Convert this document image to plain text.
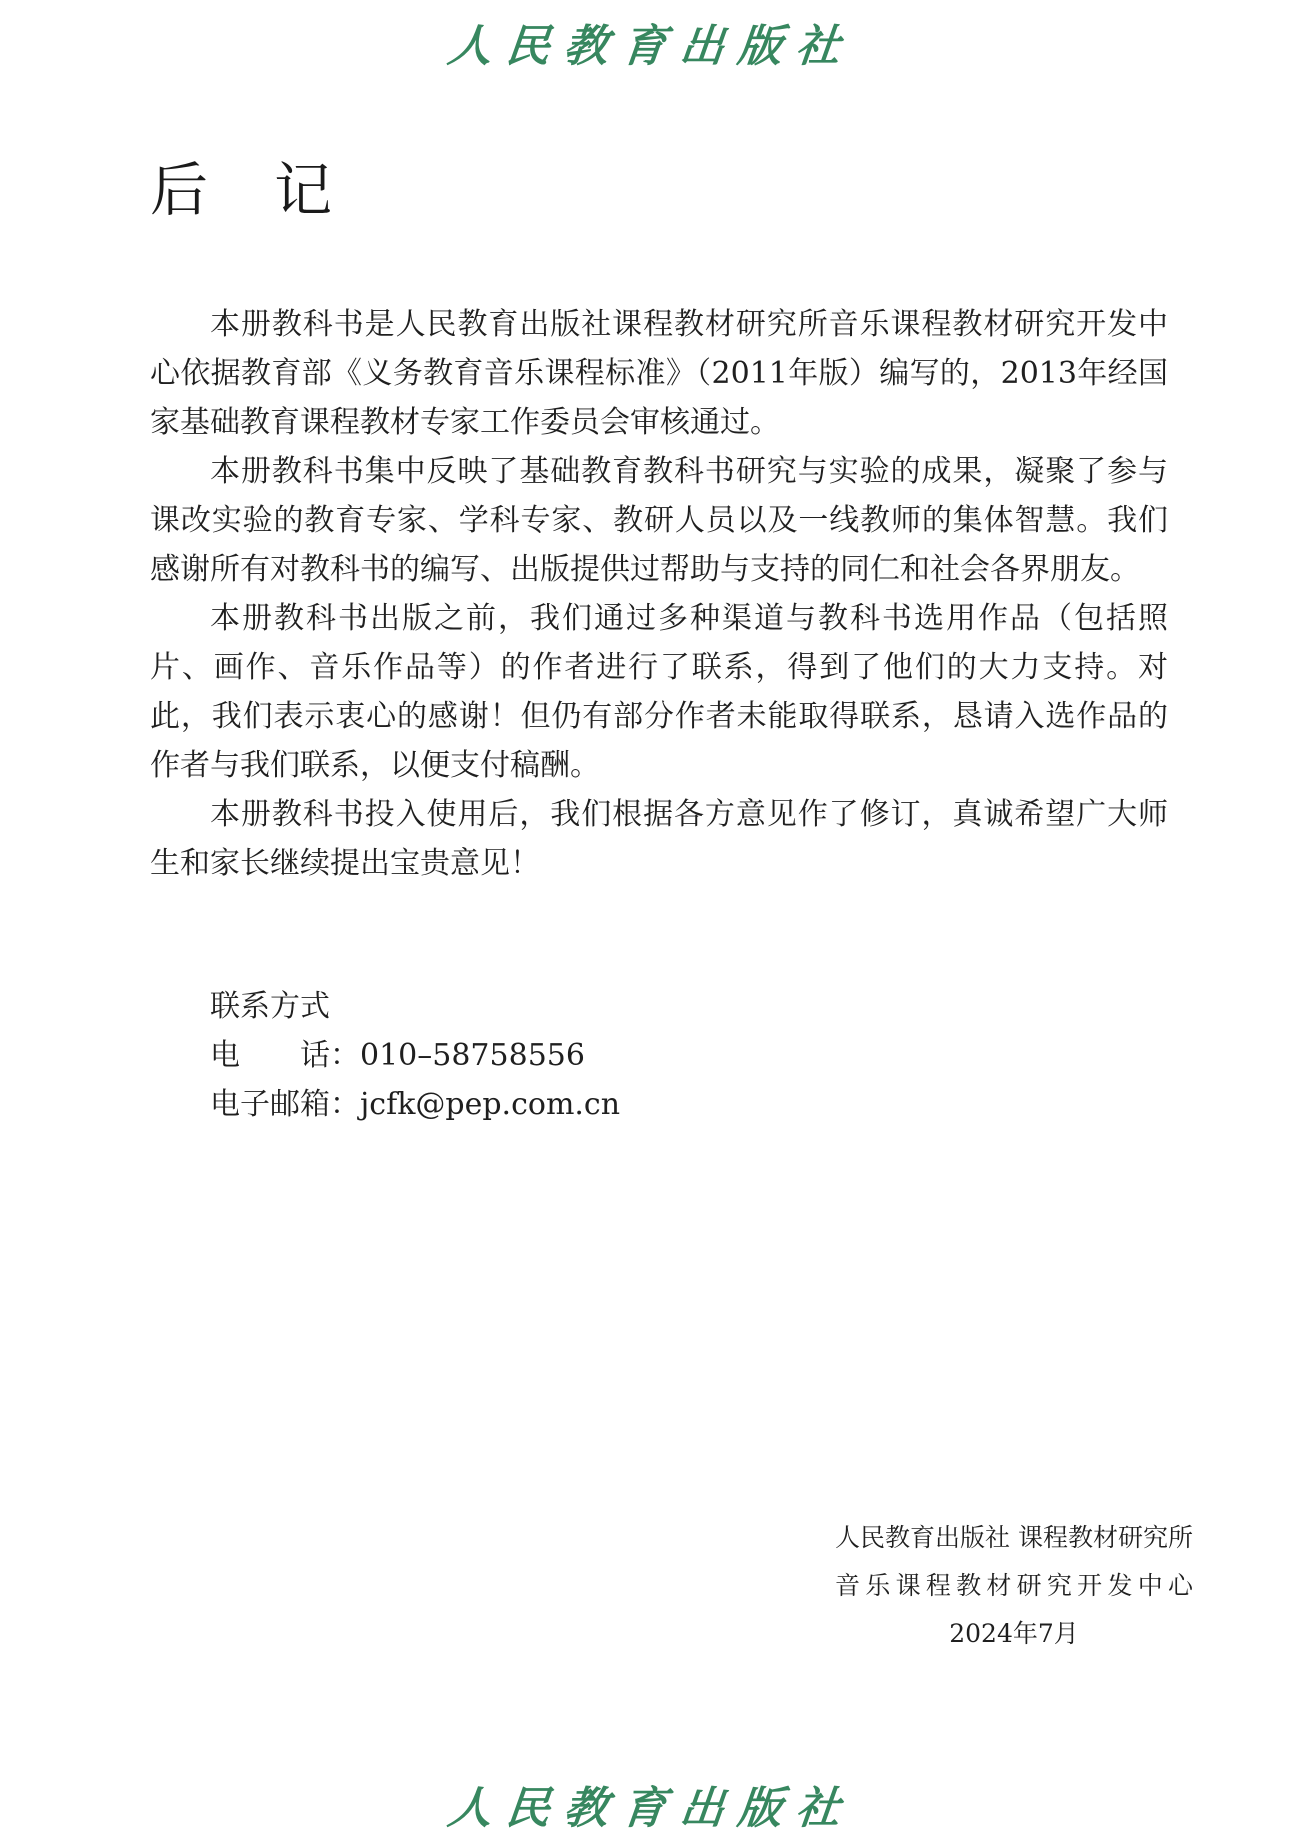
人民教育出版社
后　记

本册教科书是人民教育出版社课程教材研究所音乐课程教材研究开发中心依据教育部《义务教育音乐课程标准》（2011年版）编写的，2013年经国家基础教育课程教材专家工作委员会审核通过。

本册教科书集中反映了基础教育教科书研究与实验的成果，凝聚了参与课改实验的教育专家、学科专家、教研人员以及一线教师的集体智慧。我们感谢所有对教科书的编写、出版提供过帮助与支持的同仁和社会各界朋友。

本册教科书出版之前，我们通过多种渠道与教科书选用作品（包括照片、画作、音乐作品等）的作者进行了联系，得到了他们的大力支持。对此，我们表示衷心的感谢！但仍有部分作者未能取得联系，恳请入选作品的作者与我们联系，以便支付稿酬。

本册教科书投入使用后，我们根据各方意见作了修订，真诚希望广大师生和家长继续提出宝贵意见！

联系方式
电　　话：010–58758556
电子邮箱：jcfk@pep.com.cn
人民教育出版社 课程教材研究所
音乐课程教材研究开发中心
2024年7月
人民教育出版社
